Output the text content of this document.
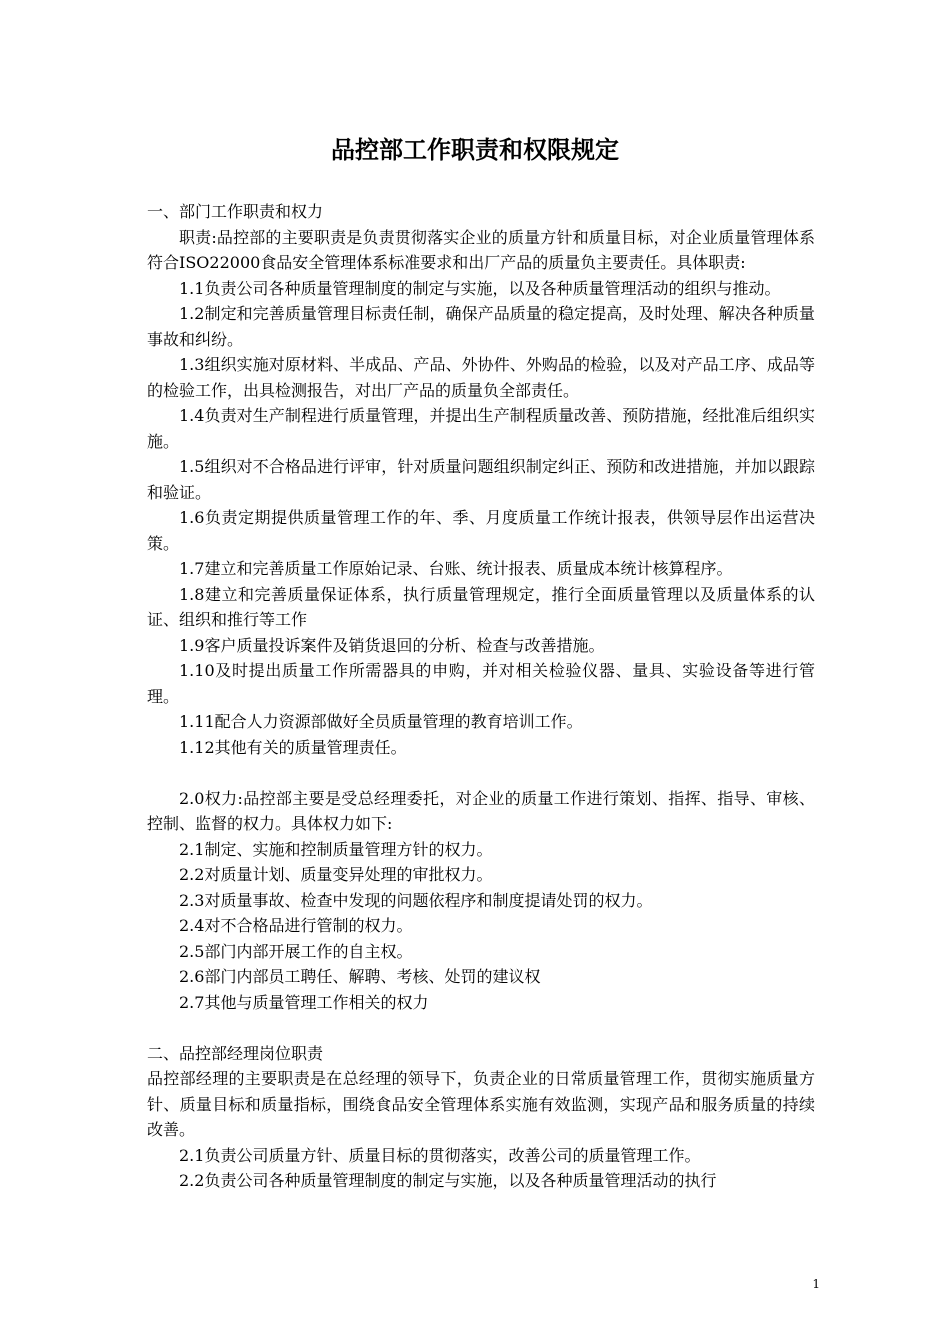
品控部工作职责和权限规定

一、部门工作职责和权力

职责:品控部的主要职责是负责贯彻落实企业的质量方针和质量目标，对企业质量管理体系符合ISO22000食品安全管理体系标准要求和出厂产品的质量负主要责任。具体职责:

1.1负责公司各种质量管理制度的制定与实施，以及各种质量管理活动的组织与推动。

1.2制定和完善质量管理目标责任制，确保产品质量的稳定提高，及时处理、解决各种质量事故和纠纷。

1.3组织实施对原材料、半成品、产品、外协件、外购品的检验，以及对产品工序、成品等的检验工作，出具检测报告，对出厂产品的质量负全部责任。

1.4负责对生产制程进行质量管理，并提出生产制程质量改善、预防措施，经批准后组织实施。

1.5组织对不合格品进行评审，针对质量问题组织制定纠正、预防和改进措施，并加以跟踪和验证。

1.6负责定期提供质量管理工作的年、季、月度质量工作统计报表，供领导层作出运营决策。

1.7建立和完善质量工作原始记录、台账、统计报表、质量成本统计核算程序。

1.8建立和完善质量保证体系，执行质量管理规定，推行全面质量管理以及质量体系的认证、组织和推行等工作

1.9客户质量投诉案件及销货退回的分析、检查与改善措施。

1.10及时提出质量工作所需器具的申购，并对相关检验仪器、量具、实验设备等进行管理。

1.11配合人力资源部做好全员质量管理的教育培训工作。

1.12其他有关的质量管理责任。

2.0权力:品控部主要是受总经理委托，对企业的质量工作进行策划、指挥、指导、审核、控制、监督的权力。具体权力如下:

2.1制定、实施和控制质量管理方针的权力。

2.2对质量计划、质量变异处理的审批权力。

2.3对质量事故、检查中发现的问题依程序和制度提请处罚的权力。

2.4对不合格品进行管制的权力。

2.5部门内部开展工作的自主权。

2.6部门内部员工聘任、解聘、考核、处罚的建议权

2.7其他与质量管理工作相关的权力

二、品控部经理岗位职责

品控部经理的主要职责是在总经理的领导下，负责企业的日常质量管理工作，贯彻实施质量方针、质量目标和质量指标，围绕食品安全管理体系实施有效监测，实现产品和服务质量的持续改善。

2.1负责公司质量方针、质量目标的贯彻落实，改善公司的质量管理工作。

2.2负责公司各种质量管理制度的制定与实施，以及各种质量管理活动的执行

1
